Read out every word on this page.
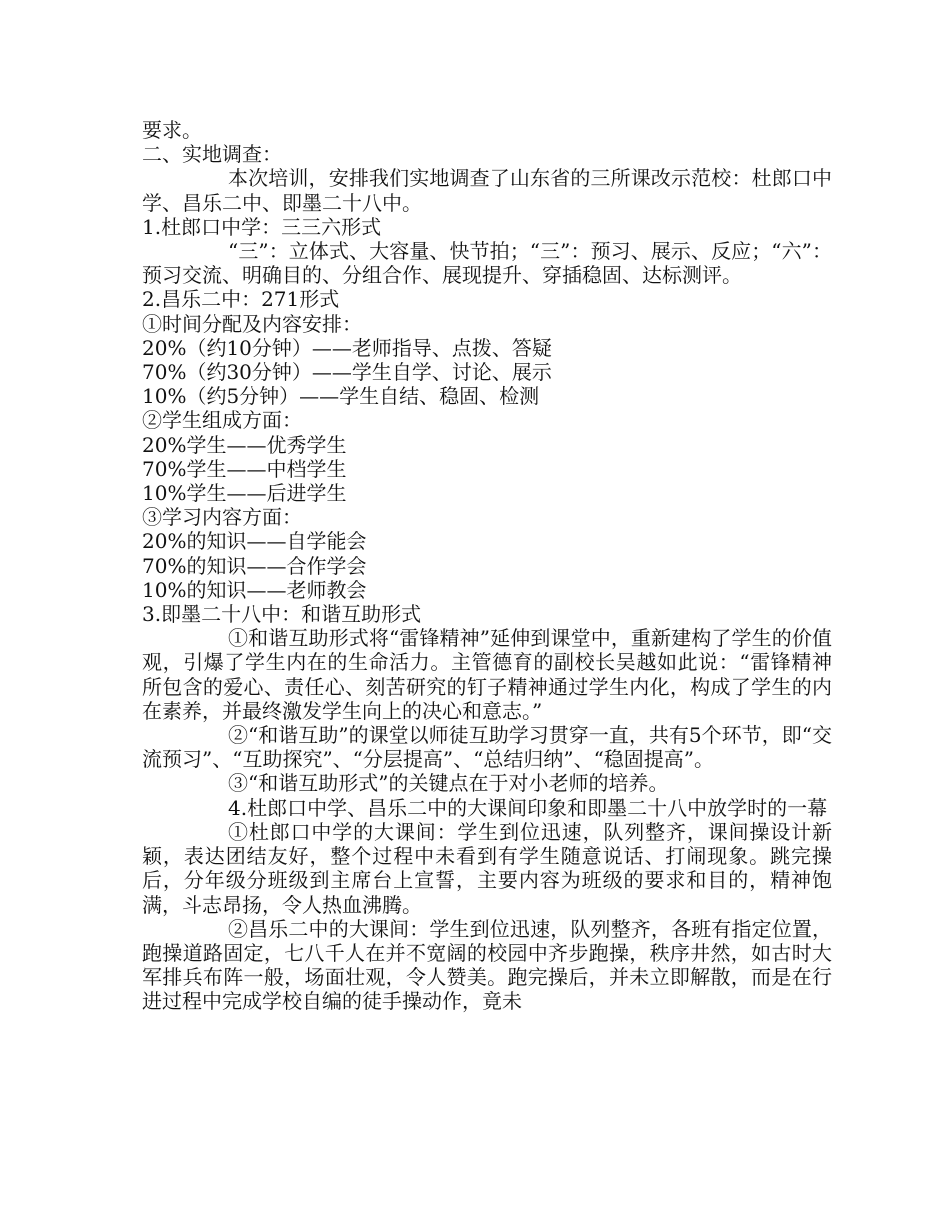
要求。

二、实地调查：

本次培训，安排我们实地调查了山东省的三所课改示范校：杜郎口中学、昌乐二中、即墨二十八中。

1.杜郎口中学：三三六形式

“三”：立体式、大容量、快节拍；“三”：预习、展示、反应；“六”：预习交流、明确目的、分组合作、展现提升、穿插稳固、达标测评。

2.昌乐二中：271形式

①时间分配及内容安排：

20%（约10分钟）——老师指导、点拨、答疑

70%（约30分钟）——学生自学、讨论、展示

10%（约5分钟）——学生自结、稳固、检测

②学生组成方面：

20%学生——优秀学生

70%学生——中档学生

10%学生——后进学生

③学习内容方面：

20%的知识——自学能会

70%的知识——合作学会

10%的知识——老师教会

3.即墨二十八中：和谐互助形式

①和谐互助形式将“雷锋精神”延伸到课堂中，重新建构了学生的价值观，引爆了学生内在的生命活力。主管德育的副校长吴越如此说：“雷锋精神所包含的爱心、责任心、刻苦研究的钉子精神通过学生内化，构成了学生的内在素养，并最终激发学生向上的决心和意志。”

②“和谐互助”的课堂以师徒互助学习贯穿一直，共有5个环节，即“交流预习”、“互助探究”、“分层提高”、“总结归纳”、“稳固提高”。

③“和谐互助形式”的关键点在于对小老师的培养。

4.杜郎口中学、昌乐二中的大课间印象和即墨二十八中放学时的一幕

①杜郎口中学的大课间：学生到位迅速，队列整齐，课间操设计新颖，表达团结友好，整个过程中未看到有学生随意说话、打闹现象。跳完操后，分年级分班级到主席台上宣誓，主要内容为班级的要求和目的，精神饱满，斗志昂扬，令人热血沸腾。

②昌乐二中的大课间：学生到位迅速，队列整齐，各班有指定位置，跑操道路固定，七八千人在并不宽阔的校园中齐步跑操，秩序井然，如古时大军排兵布阵一般，场面壮观，令人赞美。跑完操后，并未立即解散，而是在行进过程中完成学校自编的徒手操动作，竟未
